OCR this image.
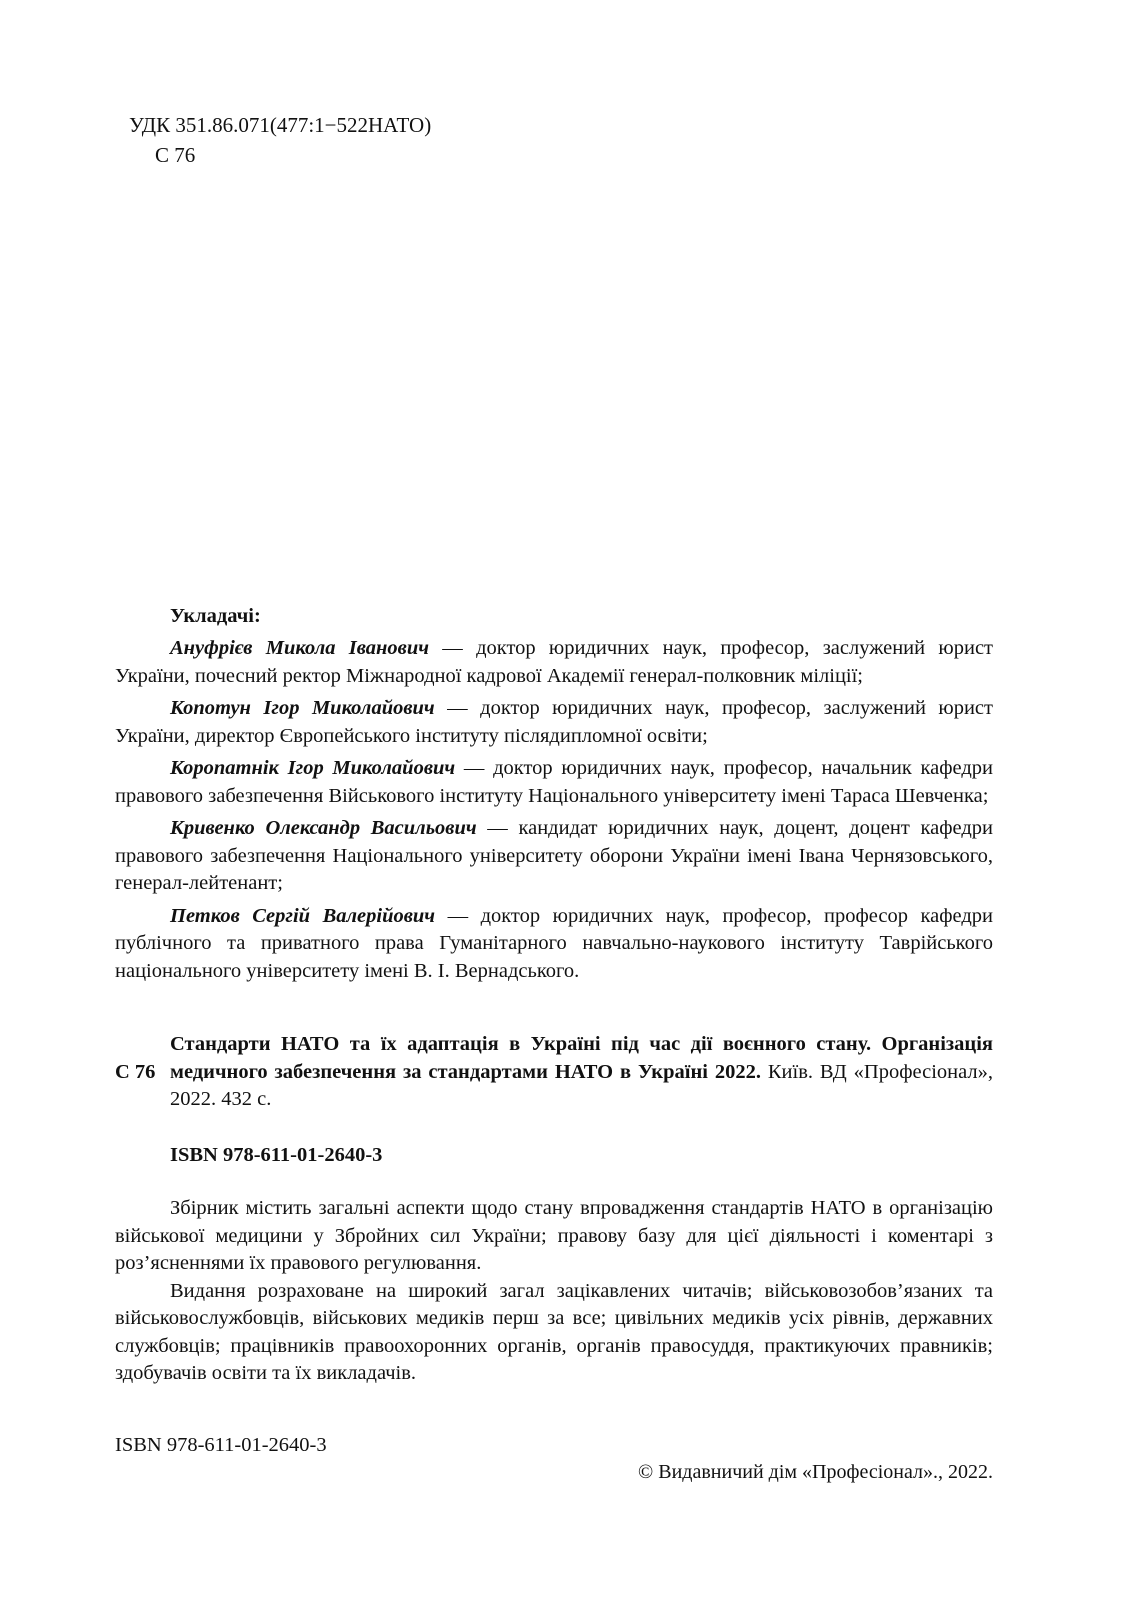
УДК 351.86.071(477:1−522НАТО)
С 76

Укладачі:

Ануфрієв Микола Іванович — доктор юридичних наук, професор, заслужений юрист України, почесний ректор Міжнародної кадрової Академії генерал-полковник міліції;

Копотун Ігор Миколайович — доктор юридичних наук, професор, заслужений юрист України, директор Європейського інституту післядипломної освіти;

Коропатнік Ігор Миколайович — доктор юридичних наук, професор, начальник кафедри правового забезпечення Військового інституту Національного університету імені Тараса Шевченка;

Кривенко Олександр Васильович — кандидат юридичних наук, доцент, доцент кафедри правового забезпечення Національного університету оборони України імені Івана Чернязовського, генерал-лейтенант;

Петков Сергій Валерійович — доктор юридичних наук, професор, професор кафедри публічного та приватного права Гуманітарного навчально-наукового інституту Таврійського національного університету імені В. І. Вернадського.

С 76

Стандарти НАТО та їх адаптація в Україні під час дії воєнного стану. Організація медичного забезпечення за стандартами НАТО в Україні 2022. Київ. ВД «Професіонал», 2022. 432 с.

ISBN 978-611-01-2640-3

Збірник містить загальні аспекти щодо стану впровадження стандартів НАТО в організацію військової медицини у Збройних сил України; правову базу для цієї діяльності і коментарі з роз’ясненнями їх правового регулювання.

Видання розраховане на широкий загал зацікавлених читачів; військовозобов’язаних та військовослужбовців, військових медиків перш за все; цивільних медиків усіх рівнів, державних службовців; працівників правоохоронних органів, органів правосуддя, практикуючих правників; здобувачів освіти та їх викладачів.

ISBN 978-611-01-2640-3

© Видавничий дім «Професіонал»., 2022.
